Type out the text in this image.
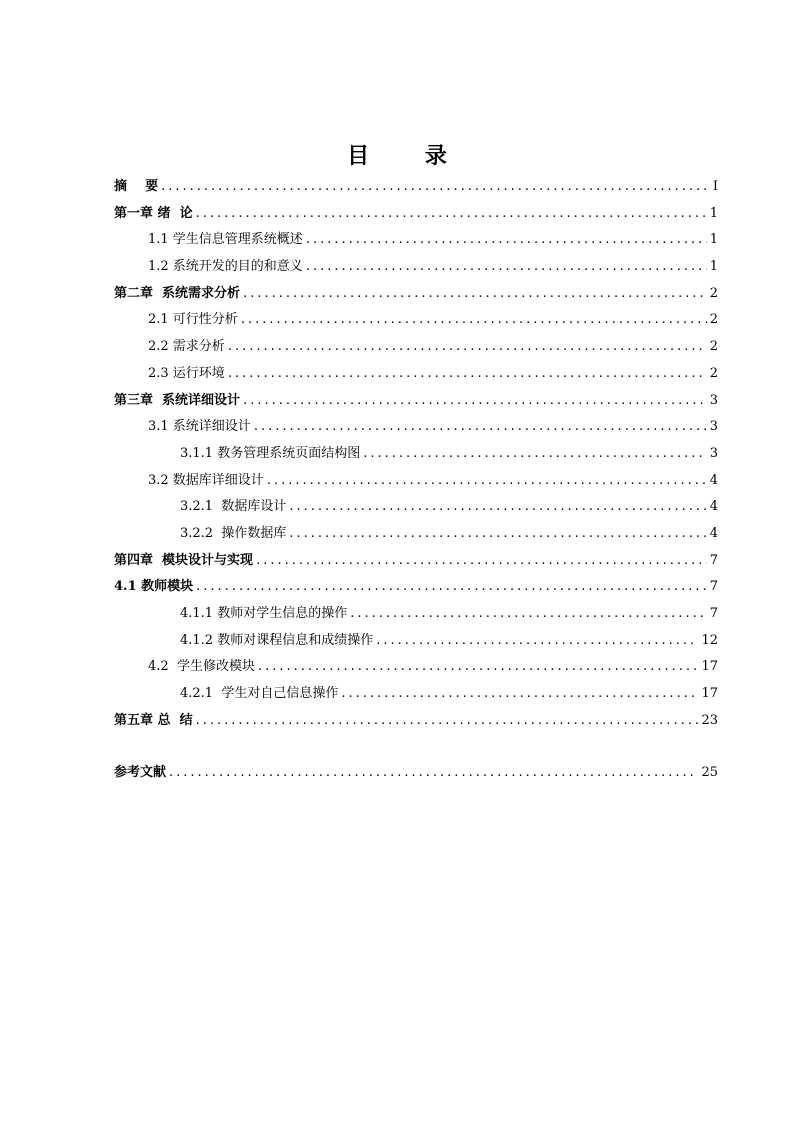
目 录
摘    要 .....	I
第一章 绪  论 .....	1
1.1 学生信息管理系统概述 .....	1
1.2 系统开发的目的和意义 .....	1
第二章  系统需求分析 .....	2
2.1 可行性分析 .....	2
2.2 需求分析 .....	2
2.3 运行环境 .....	2
第三章  系统详细设计 .....	3
3.1 系统详细设计 .....	3
3.1.1 教务管理系统页面结构图 .....	3
3.2 数据库详细设计 .....	4
3.2.1  数据库设计 .....	4
3.2.2  操作数据库 .....	4
第四章  模块设计与实现 .....	7
4.1 教师模块 .....	7
4.1.1 教师对学生信息的操作 .....	7
4.1.2 教师对课程信息和成绩操作 .....	12
4.2  学生修改模块 .....	17
4.2.1  学生对自己信息操作 .....	17
第五章 总  结 .....	23
参考文献 .....	25
